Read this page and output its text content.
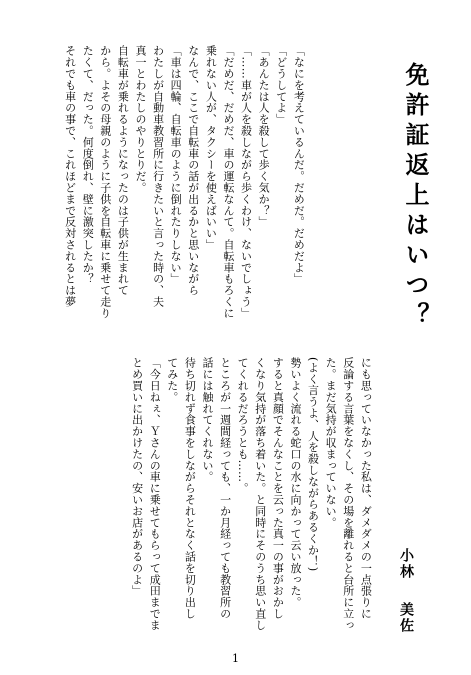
免許証返上はいつ？
小林美佐
「なにを考えているんだ。だめだ。だめだよ」
「どうしてよ」
「あんたは人を殺して歩く気か？」
「……車が人を殺しながら歩くわけ、ないでしょう」
「だめだ、だめだ、車の運転なんて。自転車もろくに
乗れない人が、タクシーを使えばいい」
なんで、ここで自転車の話が出るかと思いながら
「車は四輪、自転車のように倒れたりしない」
わたしが自動車教習所に行きたいと言った時の、夫
真一とわたしのやりとりだ。
自転車が乗れるようになったのは子供が生まれて
から。よその母親のように子供を自転車に乗せて走り
たくて、だった。何度倒れ、壁に激突したか？
それでも車の事で、これほどまで反対されるとは夢
にも思っていなかった私は、ダメダメの一点張りに
反論する言葉をなくし、その場を離れると台所に立っ
た。まだ気持が収まっていない。
(よく言うよ、人を殺しながらあるくか！)
勢いよく流れる蛇口の水に向かって云い放った。
すると真顔でそんなことを云った真一の事がおかし
くなり気持が落ち着いた。と同時にそのうち思い直し
てくれるだろうとも……。
ところが一週間経っても、一か月経っても教習所の
話には触れてくれない。
待ち切れず食事をしながらそれとなく話を切り出し
てみた。
「今日ねぇ、Ｙさんの車に乗せてもらって成田までま
とめ買いに出かけたの、安いお店があるのよ」
1
